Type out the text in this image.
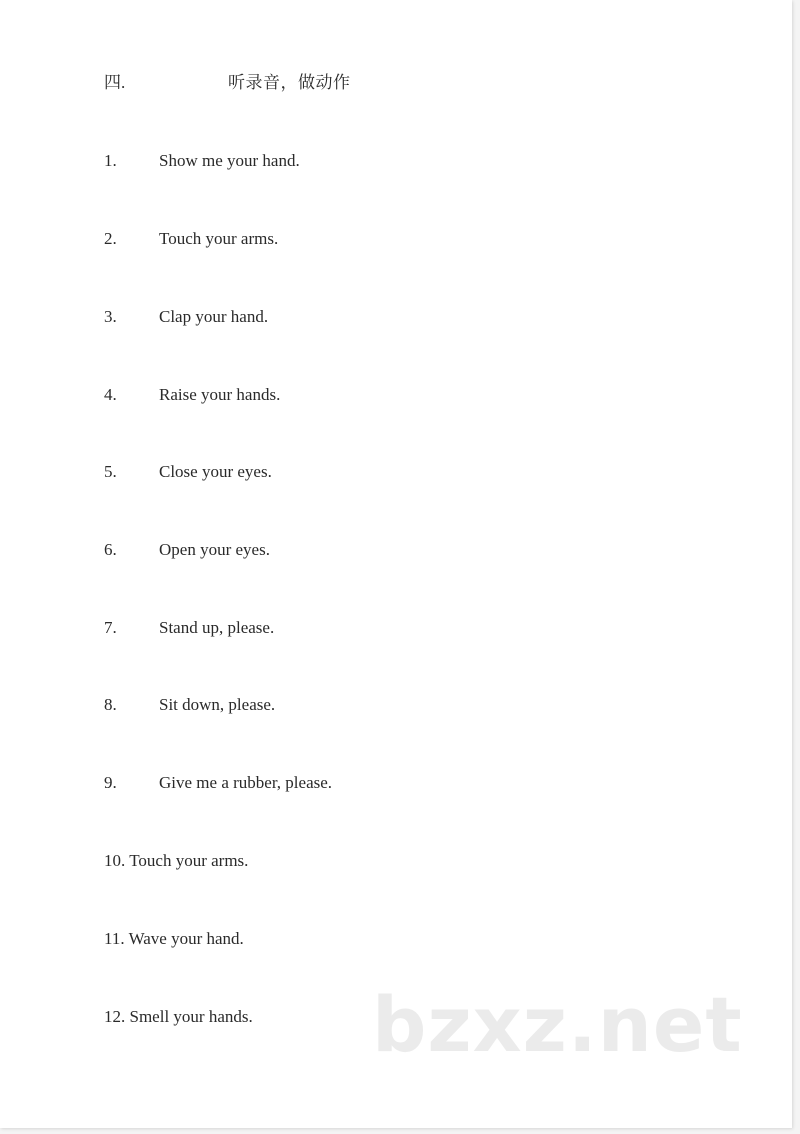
四.	听录音，做动作
1. Show me your hand.
2. Touch your arms.
3. Clap your hand.
4. Raise your hands.
5. Close your eyes.
6. Open your eyes.
7. Stand up, please.
8. Sit down, please.
9. Give me a rubber, please.
10. Touch your arms.
11. Wave your hand.
12. Smell your hands. bzxz.net
